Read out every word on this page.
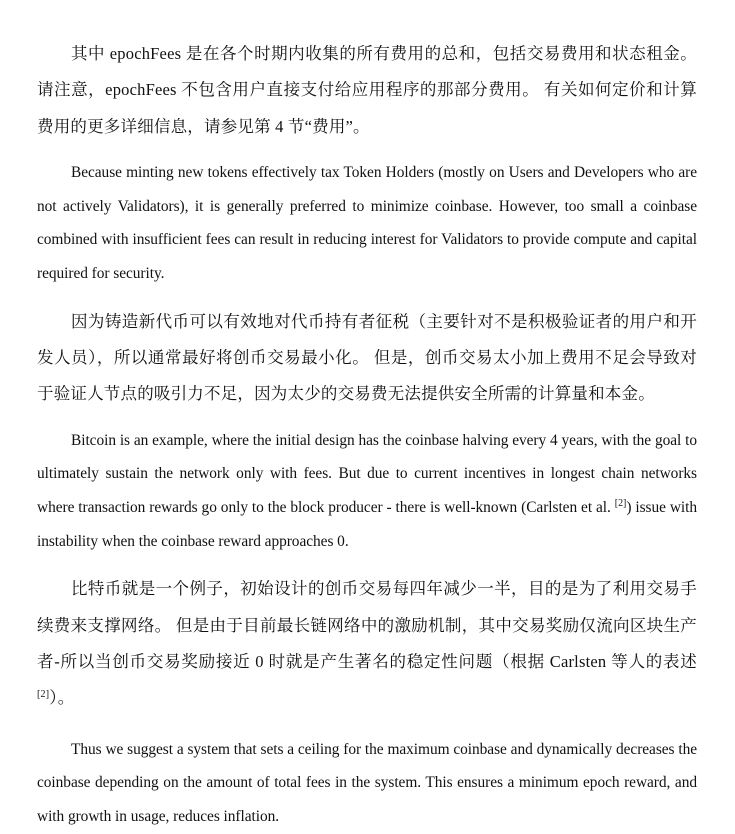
其中 epochFees 是在各个时期内收集的所有费用的总和，包括交易费用和状态租金。请注意，epochFees 不包含用户直接支付给应用程序的那部分费用。 有关如何定价和计算费用的更多详细信息，请参见第 4 节“费用”。

Because minting new tokens effectively tax Token Holders (mostly on Users and Developers who are not actively Validators), it is generally preferred to minimize coinbase. However, too small a coinbase combined with insufficient fees can result in reducing interest for Validators to provide compute and capital required for security.

因为铸造新代币可以有效地对代币持有者征税（主要针对不是积极验证者的用户和开发人员），所以通常最好将创币交易最小化。 但是，创币交易太小加上费用不足会导致对于验证人节点的吸引力不足，因为太少的交易费无法提供安全所需的计算量和本金。

Bitcoin is an example, where the initial design has the coinbase halving every 4 years, with the goal to ultimately sustain the network only with fees. But due to current incentives in longest chain networks where transaction rewards go only to the block producer - there is well-known (Carlsten et al. [2]) issue with instability when the coinbase reward approaches 0.

比特币就是一个例子，初始设计的创币交易每四年减少一半，目的是为了利用交易手续费来支撑网络。 但是由于目前最长链网络中的激励机制，其中交易奖励仅流向区块生产者-所以当创币交易奖励接近 0 时就是产生著名的稳定性问题（根据 Carlsten 等人的表述[2]）。

Thus we suggest a system that sets a ceiling for the maximum coinbase and dynamically decreases the coinbase depending on the amount of total fees in the system. This ensures a minimum epoch reward, and with growth in usage, reduces inflation.
